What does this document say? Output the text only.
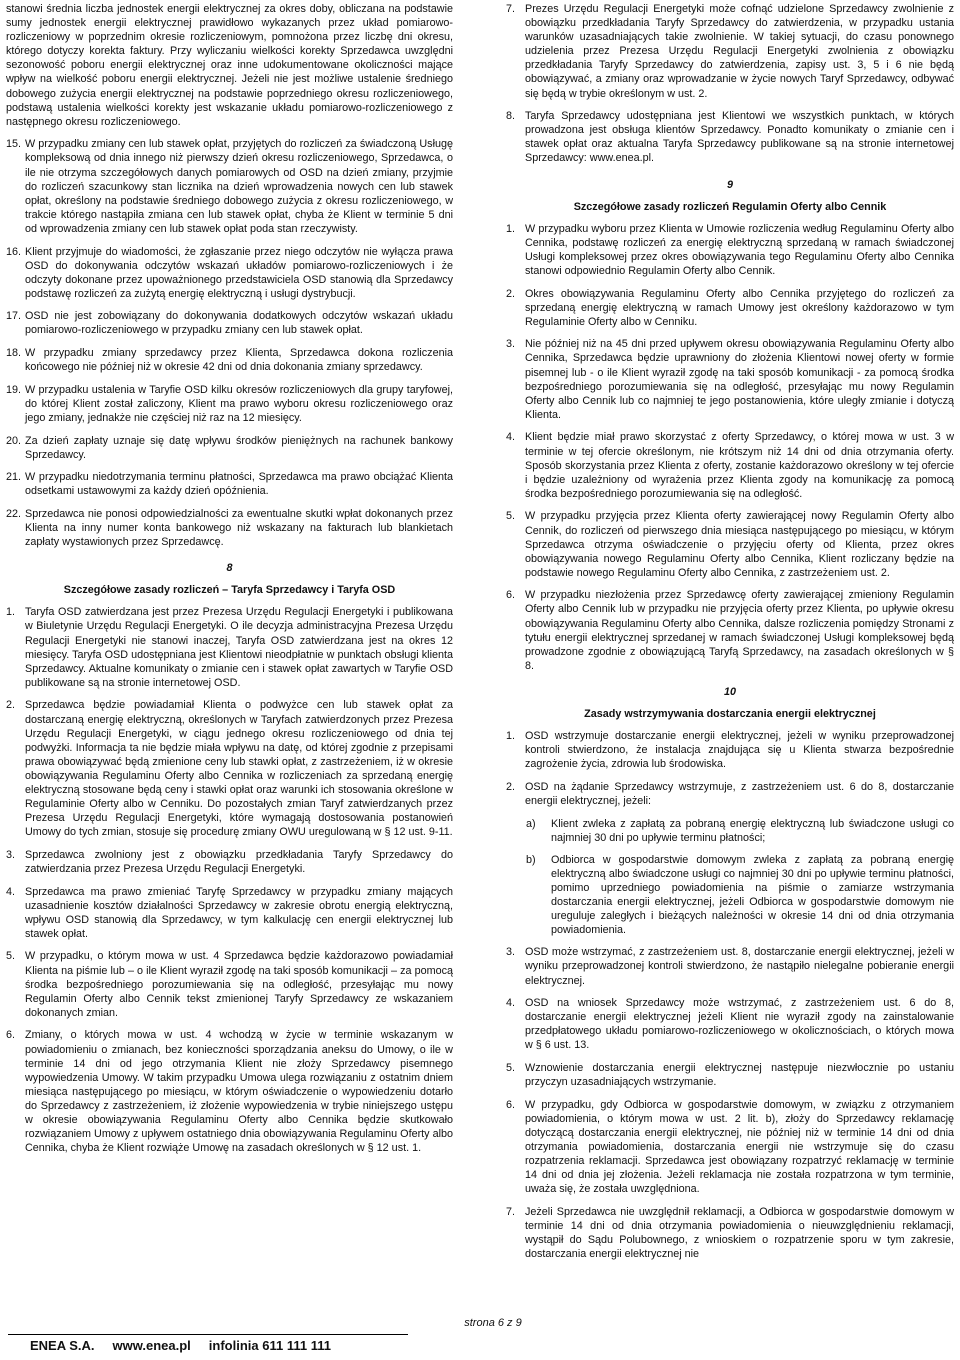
stanowi średnia liczba jednostek energii elektrycznej za okres doby, obliczana na podstawie sumy jednostek energii elektrycznej prawidłowo wykazanych przez układ pomiarowo-rozliczeniowy w poprzednim okresie rozliczeniowym, pomnożona przez liczbę dni okresu, którego dotyczy korekta faktury. Przy wyliczaniu wielkości korekty Sprzedawca uwzględni sezonowość poboru energii elektrycznej oraz inne udokumentowane okoliczności mające wpływ na wielkość poboru energii elektrycznej. Jeżeli nie jest możliwe ustalenie średniego dobowego zużycia energii elektrycznej na podstawie poprzedniego okresu rozliczeniowego, podstawą ustalenia wielkości korekty jest wskazanie układu pomiarowo-rozliczeniowego z następnego okresu rozliczeniowego.

15. W przypadku zmiany cen lub stawek opłat, przyjętych do rozliczeń za świadczoną Usługę kompleksową od dnia innego niż pierwszy dzień okresu rozliczeniowego, Sprzedawca, o ile nie otrzyma szczegółowych danych pomiarowych od OSD na dzień zmiany, przyjmie do rozliczeń szacunkowy stan licznika na dzień wprowadzenia nowych cen lub stawek opłat, określony na podstawie średniego dobowego zużycia z okresu rozliczeniowego, w trakcie którego nastąpiła zmiana cen lub stawek opłat, chyba że Klient w terminie 5 dni od wprowadzenia zmiany cen lub stawek opłat poda stan rzeczywisty.
16. Klient przyjmuje do wiadomości, że zgłaszanie przez niego odczytów nie wyłącza prawa OSD do dokonywania odczytów wskazań układów pomiarowo-rozliczeniowych i że odczyty dokonane przez upoważnionego przedstawiciela OSD stanowią dla Sprzedawcy podstawę rozliczeń za zużytą energię elektryczną i usługi dystrybucji.
17. OSD nie jest zobowiązany do dokonywania dodatkowych odczytów wskazań układu pomiarowo-rozliczeniowego w przypadku zmiany cen lub stawek opłat.
18. W przypadku zmiany sprzedawcy przez Klienta, Sprzedawca dokona rozliczenia końcowego nie później niż w okresie 42 dni od dnia dokonania zmiany sprzedawcy.
19. W przypadku ustalenia w Taryfie OSD kilku okresów rozliczeniowych dla grupy taryfowej, do której Klient został zaliczony, Klient ma prawo wyboru okresu rozliczeniowego oraz jego zmiany, jednakże nie częściej niż raz na 12 miesięcy.
20. Za dzień zapłaty uznaje się datę wpływu środków pieniężnych na rachunek bankowy Sprzedawcy.
21. W przypadku niedotrzymania terminu płatności, Sprzedawca ma prawo obciążać Klienta odsetkami ustawowymi za każdy dzień opóźnienia.
22. Sprzedawca nie ponosi odpowiedzialności za ewentualne skutki wpłat dokonanych przez Klienta na inny numer konta bankowego niż wskazany na fakturach lub blankietach zapłaty wystawionych przez Sprzedawcę.
8
Szczegółowe zasady rozliczeń – Taryfa Sprzedawcy i Taryfa OSD
1. Taryfa OSD zatwierdzana jest przez Prezesa Urzędu Regulacji Energetyki i publikowana w Biuletynie Urzędu Regulacji Energetyki. O ile decyzja administracyjna Prezesa Urzędu Regulacji Energetyki nie stanowi inaczej, Taryfa OSD zatwierdzana jest na okres 12 miesięcy. Taryfa OSD udostępniana jest Klientowi nieodpłatnie w punktach obsługi klienta Sprzedawcy. Aktualne komunikaty o zmianie cen i stawek opłat zawartych w Taryfie OSD publikowane są na stronie internetowej OSD.
2. Sprzedawca będzie powiadamiał Klienta o podwyżce cen lub stawek opłat za dostarczaną energię elektryczną, określonych w Taryfach zatwierdzonych przez Prezesa Urzędu Regulacji Energetyki, w ciągu jednego okresu rozliczeniowego od dnia tej podwyżki. Informacja ta nie będzie miała wpływu na datę, od której zgodnie z przepisami prawa obowiązywać będą zmienione ceny lub stawki opłat, z zastrzeżeniem, iż w okresie obowiązywania Regulaminu Oferty albo Cennika w rozliczeniach za sprzedaną energię elektryczną stosowane będą ceny i stawki opłat oraz warunki ich stosowania określone w Regulaminie Oferty albo w Cenniku. Do pozostałych zmian Taryf zatwierdzanych przez Prezesa Urzędu Regulacji Energetyki, które wymagają dostosowania postanowień Umowy do tych zmian, stosuje się procedurę zmiany OWU uregulowaną w § 12 ust. 9-11.
3. Sprzedawca zwolniony jest z obowiązku przedkładania Taryfy Sprzedawcy do zatwierdzania przez Prezesa Urzędu Regulacji Energetyki.
4. Sprzedawca ma prawo zmieniać Taryfę Sprzedawcy w przypadku zmiany mających uzasadnienie kosztów działalności Sprzedawcy w zakresie obrotu energią elektryczną, wpływu OSD stanowią dla Sprzedawcy, w tym kalkulację cen energii elektrycznej lub stawek opłat.
5. W przypadku, o którym mowa w ust. 4 Sprzedawca będzie każdorazowo powiadamiał Klienta na piśmie lub – o ile Klient wyraził zgodę na taki sposób komunikacji – za pomocą środka bezpośredniego porozumiewania się na odległość, przesyłając mu nowy Regulamin Oferty albo Cennik tekst zmienionej Taryfy Sprzedawcy ze wskazaniem dokonanych zmian.
6. Zmiany, o których mowa w ust. 4 wchodzą w życie w terminie wskazanym w powiadomieniu o zmianach, bez konieczności sporządzania aneksu do Umowy, o ile w terminie 14 dni od jego otrzymania Klient nie złoży Sprzedawcy pisemnego wypowiedzenia Umowy. W takim przypadku Umowa ulega rozwiązaniu z ostatnim dniem miesiąca następującego po miesiącu, w którym oświadczenie o wypowiedzeniu dotarło do Sprzedawcy z zastrzeżeniem, iż złożenie wypowiedzenia w trybie niniejszego ustępu w okresie obowiązywania Regulaminu Oferty albo Cennika będzie skutkowało rozwiązaniem Umowy z upływem ostatniego dnia obowiązywania Regulaminu Oferty albo Cennika, chyba że Klient rozwiąże Umowę na zasadach określonych w § 12 ust. 1.
7. Prezes Urzędu Regulacji Energetyki może cofnąć udzielone Sprzedawcy zwolnienie z obowiązku przedkładania Taryfy Sprzedawcy do zatwierdzenia, w przypadku ustania warunków uzasadniających takie zwolnienie. W takiej sytuacji, do czasu ponownego udzielenia przez Prezesa Urzędu Regulacji Energetyki zwolnienia z obowiązku przedkładania Taryfy Sprzedawcy do zatwierdzenia, zapisy ust. 3, 5 i 6 nie będą obowiązywać, a zmiany oraz wprowadzanie w życie nowych Taryf Sprzedawcy, odbywać się będą w trybie określonym w ust. 2.
8. Taryfa Sprzedawcy udostępniana jest Klientowi we wszystkich punktach, w których prowadzona jest obsługa klientów Sprzedawcy. Ponadto komunikaty o zmianie cen i stawek opłat oraz aktualna Taryfa Sprzedawcy publikowane są na stronie internetowej Sprzedawcy: www.enea.pl.
9
Szczegółowe zasady rozliczeń Regulamin Oferty albo Cennik
1. W przypadku wyboru przez Klienta w Umowie rozliczenia według Regulaminu Oferty albo Cennika, podstawę rozliczeń za energię elektryczną sprzedaną w ramach świadczonej Usługi kompleksowej przez okres obowiązywania tego Regulaminu Oferty albo Cennika stanowi odpowiednio Regulamin Oferty albo Cennik.
2. Okres obowiązywania Regulaminu Oferty albo Cennika przyjętego do rozliczeń za sprzedaną energię elektryczną w ramach Umowy jest określony każdorazowo w tym Regulaminie Oferty albo w Cenniku.
3. Nie później niż na 45 dni przed upływem okresu obowiązywania Regulaminu Oferty albo Cennika, Sprzedawca będzie uprawniony do złożenia Klientowi nowej oferty w formie pisemnej lub - o ile Klient wyraził zgodę na taki sposób komunikacji - za pomocą środka bezpośredniego porozumiewania się na odległość, przesyłając mu nowy Regulamin Oferty albo Cennik lub co najmniej te jego postanowienia, które uległy zmianie i dotyczą Klienta.
4. Klient będzie miał prawo skorzystać z oferty Sprzedawcy, o której mowa w ust. 3 w terminie w tej ofercie określonym, nie krótszym niż 14 dni od dnia otrzymania oferty. Sposób skorzystania przez Klienta z oferty, zostanie każdorazowo określony w tej ofercie i będzie uzależniony od wyrażenia przez Klienta zgody na komunikację za pomocą środka bezpośredniego porozumiewania się na odległość.
5. W przypadku przyjęcia przez Klienta oferty zawierającej nowy Regulamin Oferty albo Cennik, do rozliczeń od pierwszego dnia miesiąca następującego po miesiącu, w którym Sprzedawca otrzyma oświadczenie o przyjęciu oferty od Klienta, przez okres obowiązywania nowego Regulaminu Oferty albo Cennika, Klient rozliczany będzie na podstawie nowego Regulaminu Oferty albo Cennika, z zastrzeżeniem ust. 2.
6. W przypadku niezłożenia przez Sprzedawcę oferty zawierającej zmieniony Regulamin Oferty albo Cennik lub w przypadku nie przyjęcia oferty przez Klienta, po upływie okresu obowiązywania Regulaminu Oferty albo Cennika, dalsze rozliczenia pomiędzy Stronami z tytułu energii elektrycznej sprzedanej w ramach świadczonej Usługi kompleksowej będą prowadzone zgodnie z obowiązującą Taryfą Sprzedawcy, na zasadach określonych w § 8.
10
Zasady wstrzymywania dostarczania energii elektrycznej
1. OSD wstrzymuje dostarczanie energii elektrycznej, jeżeli w wyniku przeprowadzonej kontroli stwierdzono, że instalacja znajdująca się u Klienta stwarza bezpośrednie zagrożenie życia, zdrowia lub środowiska.
2. OSD na żądanie Sprzedawcy wstrzymuje, z zastrzeżeniem ust. 6 do 8, dostarczanie energii elektrycznej, jeżeli:
a) Klient zwleka z zapłatą za pobraną energię elektryczną lub świadczone usługi co najmniej 30 dni po upływie terminu płatności;
b) Odbiorca w gospodarstwie domowym zwleka z zapłatą za pobraną energię elektryczną albo świadczone usługi co najmniej 30 dni po upływie terminu płatności, pomimo uprzedniego powiadomienia na piśmie o zamiarze wstrzymania dostarczania energii elektrycznej, jeżeli Odbiorca w gospodarstwie domowym nie ureguluje zaległych i bieżących należności w okresie 14 dni od dnia otrzymania powiadomienia.
3. OSD może wstrzymać, z zastrzeżeniem ust. 8, dostarczanie energii elektrycznej, jeżeli w wyniku przeprowadzonej kontroli stwierdzono, że nastąpiło nielegalne pobieranie energii elektrycznej.
4. OSD na wniosek Sprzedawcy może wstrzymać, z zastrzeżeniem ust. 6 do 8, dostarczanie energii elektrycznej jeżeli Klient nie wyraził zgody na zainstalowanie przedpłatowego układu pomiarowo-rozliczeniowego w okolicznościach, o których mowa w § 6 ust. 13.
5. Wznowienie dostarczania energii elektrycznej następuje niezwłocznie po ustaniu przyczyn uzasadniających wstrzymanie.
6. W przypadku, gdy Odbiorca w gospodarstwie domowym, w związku z otrzymaniem powiadomienia, o którym mowa w ust. 2 lit. b), złoży do Sprzedawcy reklamację dotyczącą dostarczania energii elektrycznej, nie później niż w terminie 14 dni od dnia otrzymania powiadomienia, dostarczania energii nie wstrzymuje się do czasu rozpatrzenia reklamacji. Sprzedawca jest obowiązany rozpatrzyć reklamację w terminie 14 dni od dnia jej złożenia. Jeżeli reklamacja nie została rozpatrzona w tym terminie, uważa się, że została uwzględniona.
7. Jeżeli Sprzedawca nie uwzględnił reklamacji, a Odbiorca w gospodarstwie domowym w terminie 14 dni od dnia otrzymania powiadomienia o nieuwzględnieniu reklamacji, wystąpił do Sądu Polubownego, z wnioskiem o rozpatrzenie sporu w tym zakresie, dostarczania energii elektrycznej nie
strona 6 z 9
ENEA S.A. www.enea.pl infolinia 611 111 111
